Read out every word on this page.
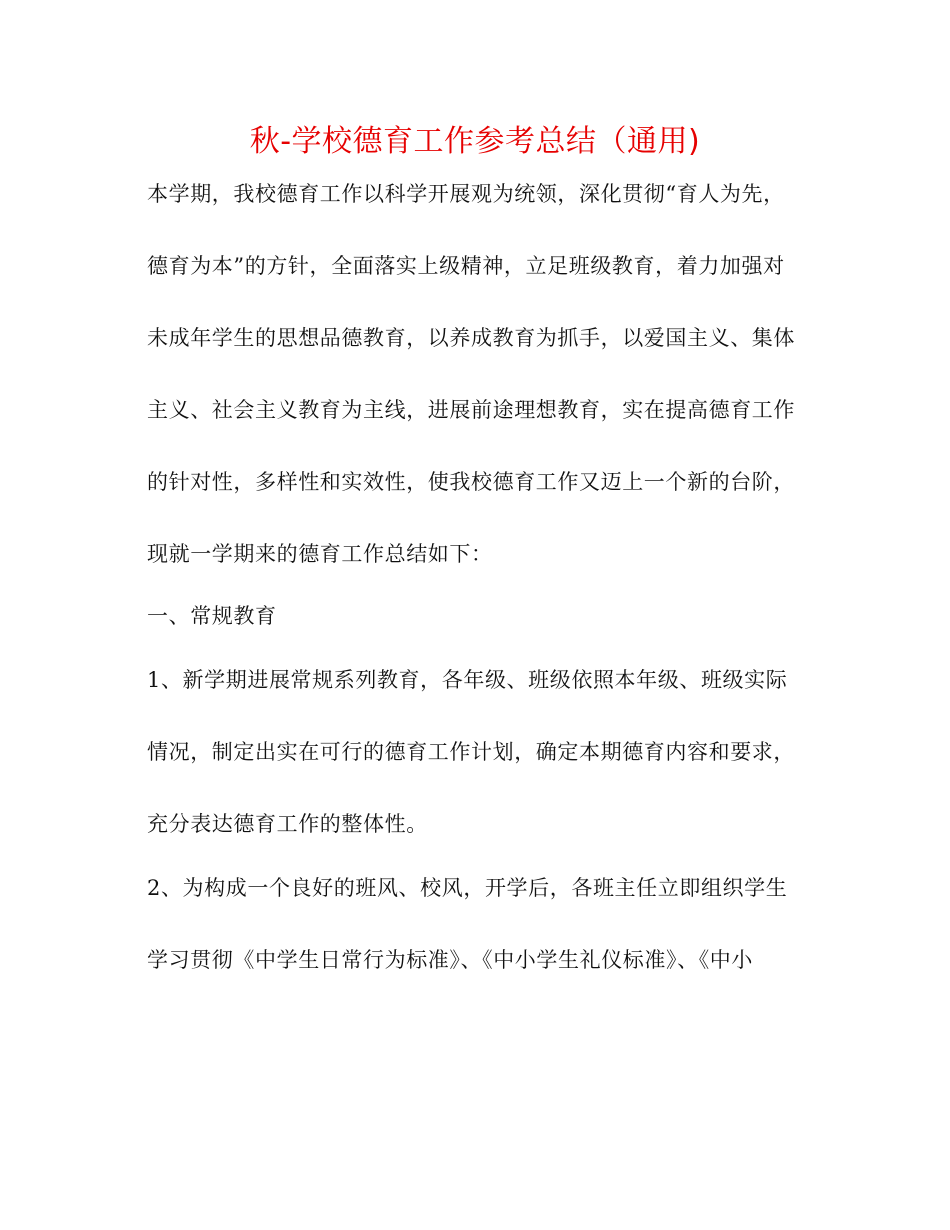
秋-学校德育工作参考总结（通用)

本学期，我校德育工作以科学开展观为统领，深化贯彻“育人为先，

德育为本”的方针，全面落实上级精神，立足班级教育，着力加强对

未成年学生的思想品德教育，以养成教育为抓手，以爱国主义、集体

主义、社会主义教育为主线，进展前途理想教育，实在提高德育工作

的针对性，多样性和实效性，使我校德育工作又迈上一个新的台阶，

现就一学期来的德育工作总结如下：

一、常规教育

1、新学期进展常规系列教育，各年级、班级依照本年级、班级实际

情况，制定出实在可行的德育工作计划，确定本期德育内容和要求，

充分表达德育工作的整体性。

2、为构成一个良好的班风、校风，开学后，各班主任立即组织学生

学习贯彻《中学生日常行为标准》、《中小学生礼仪标准》、《中小
